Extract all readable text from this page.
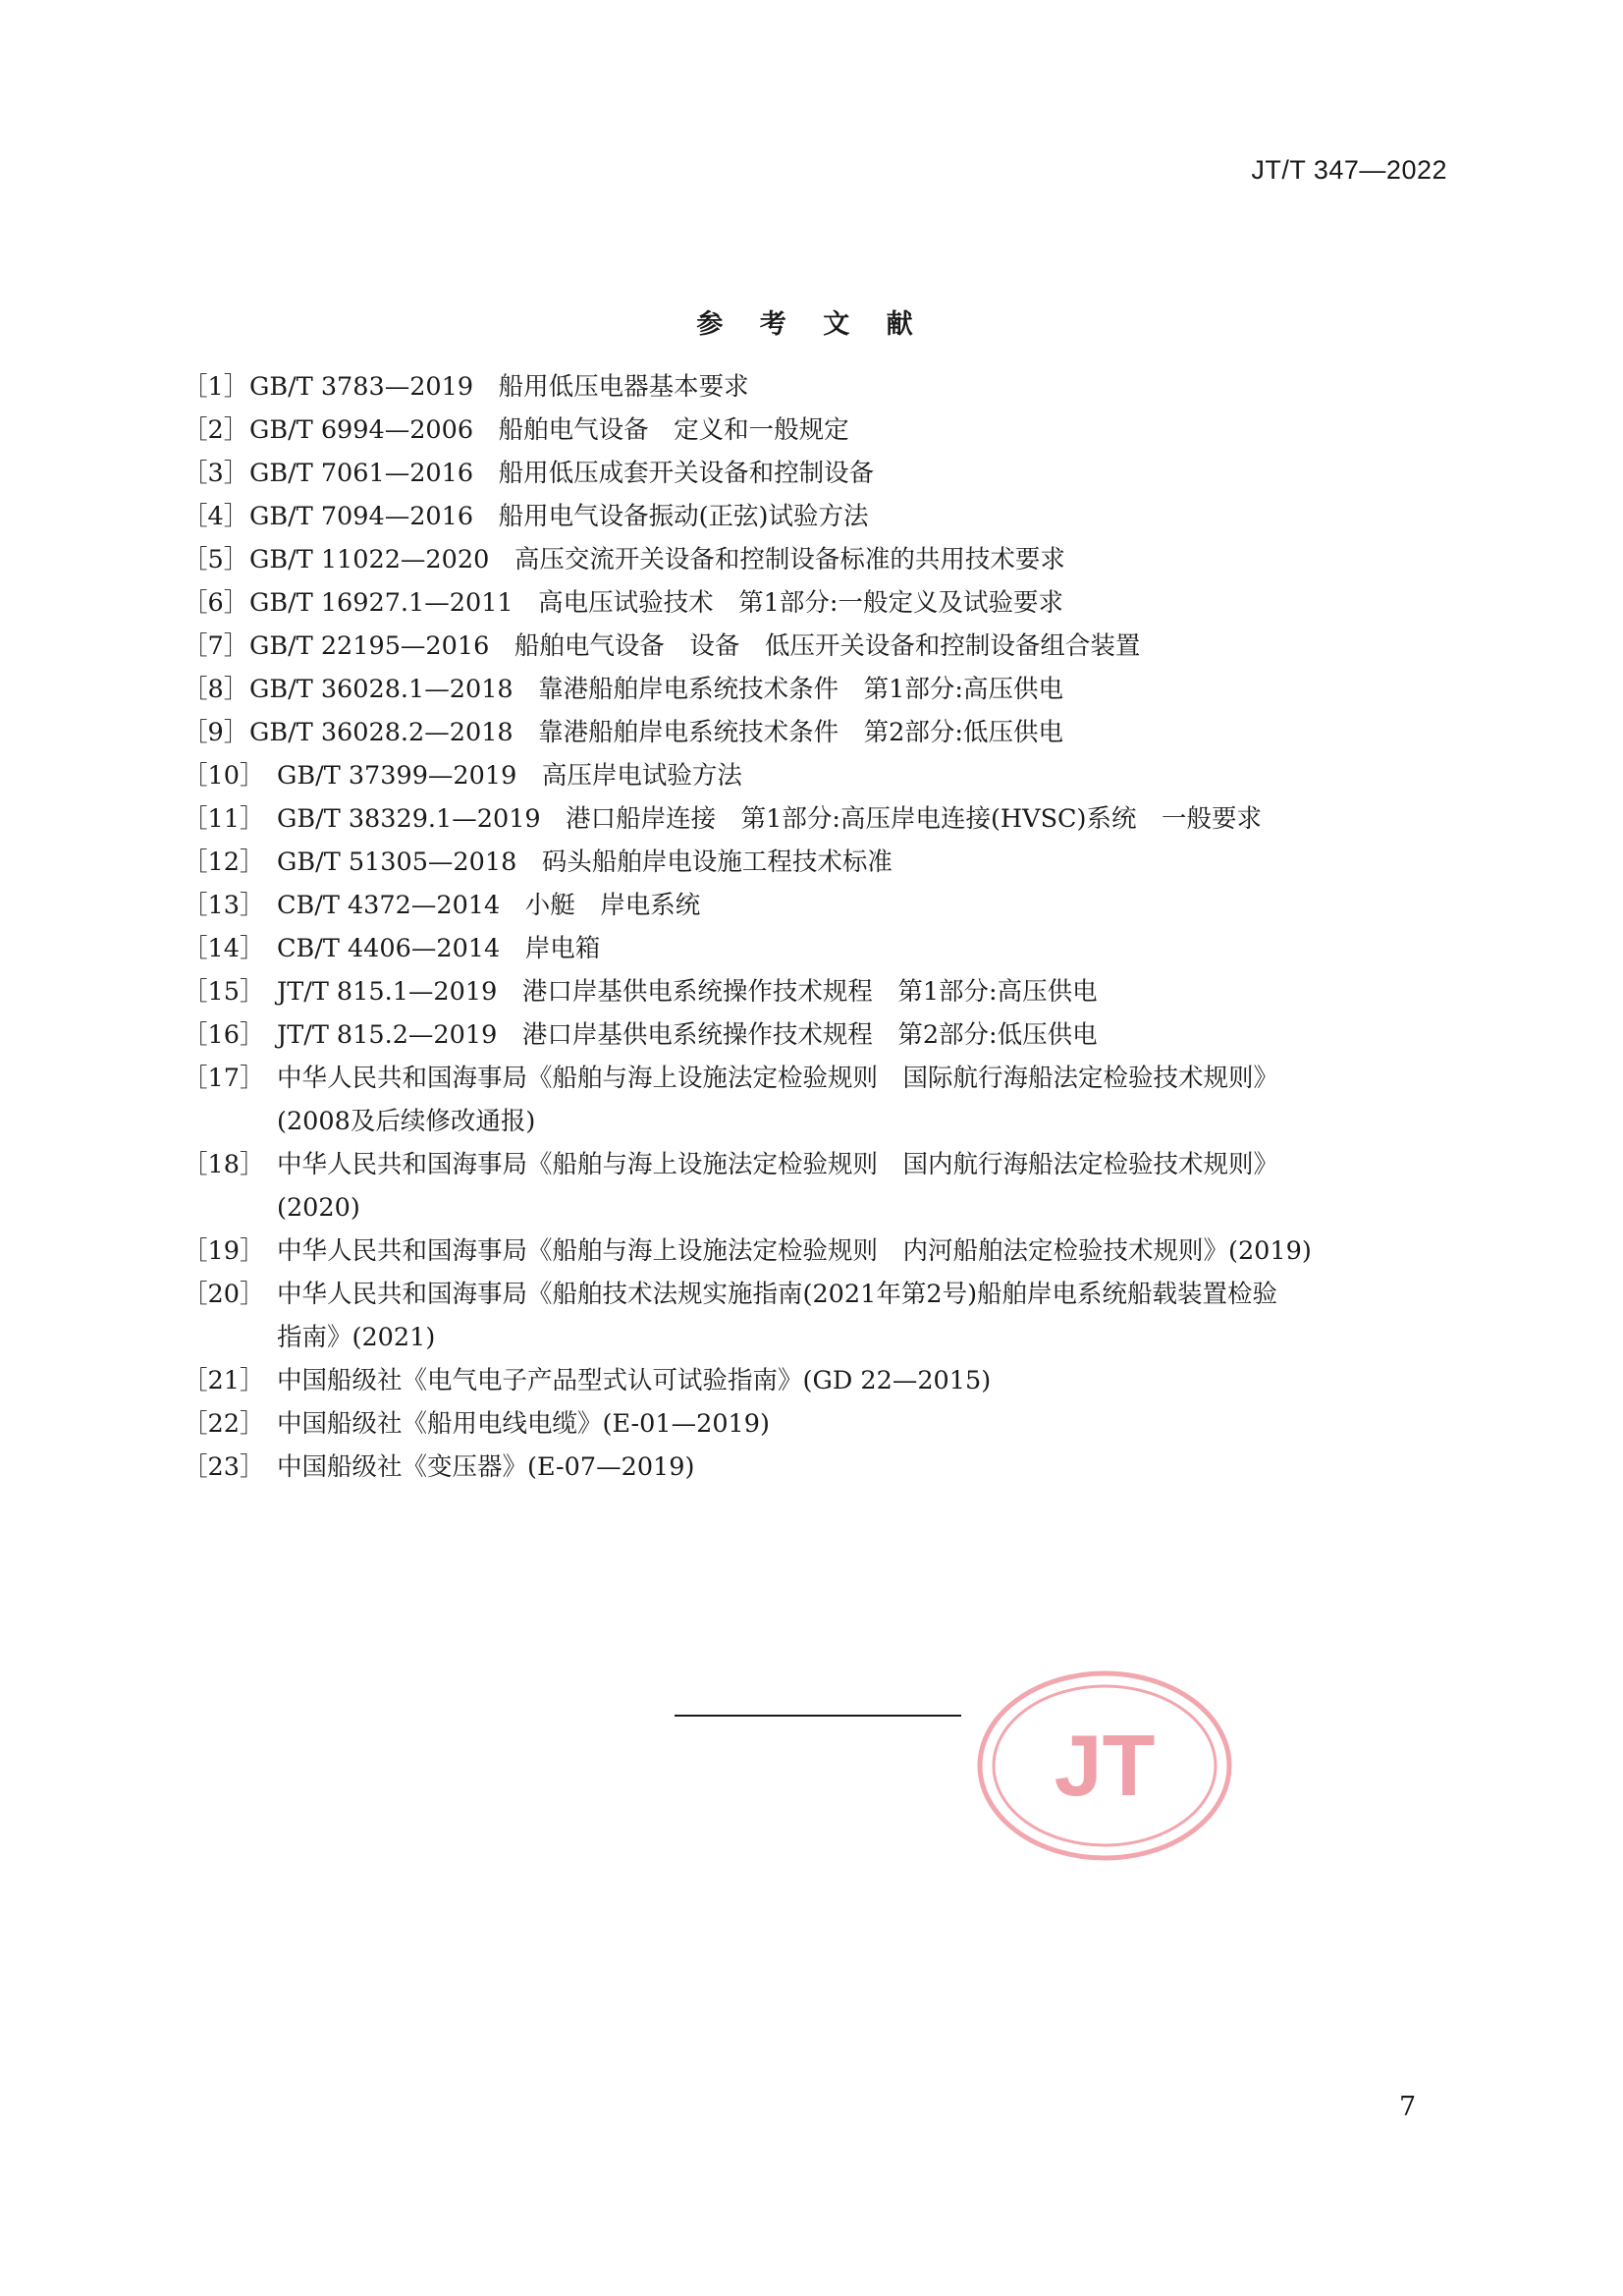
JT/T 347—2022
参 考 文 献
［1］ GB/T 3783—2019　船用低压电器基本要求
［2］ GB/T 6994—2006　船舶电气设备　定义和一般规定
［3］ GB/T 7061—2016　船用低压成套开关设备和控制设备
［4］ GB/T 7094—2016　船用电气设备振动(正弦)试验方法
［5］ GB/T 11022—2020　高压交流开关设备和控制设备标准的共用技术要求
［6］ GB/T 16927.1—2011　高电压试验技术　第1部分:一般定义及试验要求
［7］ GB/T 22195—2016　船舶电气设备　设备　低压开关设备和控制设备组合装置
［8］ GB/T 36028.1—2018　靠港船舶岸电系统技术条件　第1部分:高压供电
［9］ GB/T 36028.2—2018　靠港船舶岸电系统技术条件　第2部分:低压供电
［10］ GB/T 37399—2019　高压岸电试验方法
［11］ GB/T 38329.1—2019　港口船岸连接　第1部分:高压岸电连接(HVSC)系统　一般要求
［12］ GB/T 51305—2018　码头船舶岸电设施工程技术标准
［13］ CB/T 4372—2014　小艇　岸电系统
［14］ CB/T 4406—2014　岸电箱
［15］ JT/T 815.1—2019　港口岸基供电系统操作技术规程　第1部分:高压供电
［16］ JT/T 815.2—2019　港口岸基供电系统操作技术规程　第2部分:低压供电
［17］ 中华人民共和国海事局《船舶与海上设施法定检验规则　国际航行海船法定检验技术规则》
(2008及后续修改通报)
［18］ 中华人民共和国海事局《船舶与海上设施法定检验规则　国内航行海船法定检验技术规则》
(2020)
［19］ 中华人民共和国海事局《船舶与海上设施法定检验规则　内河船舶法定检验技术规则》(2019)
［20］ 中华人民共和国海事局《船舶技术法规实施指南(2021年第2号)船舶岸电系统船载装置检验
指南》(2021)
［21］ 中国船级社《电气电子产品型式认可试验指南》(GD 22—2015)
［22］ 中国船级社《船用电线电缆》(E-01—2019)
［23］ 中国船级社《变压器》(E-07—2019)
JT
7
